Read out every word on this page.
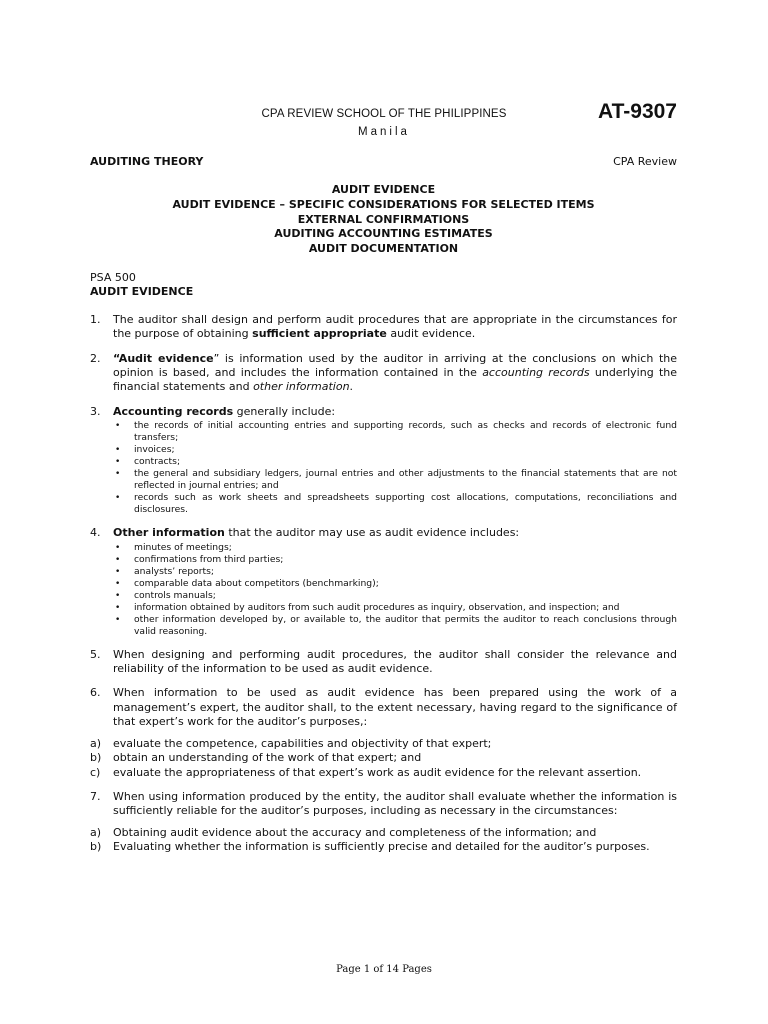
CPA REVIEW SCHOOL OF THE PHILIPPINES
Manila
AT-9307
AUDITING THEORY	CPA Review
AUDIT EVIDENCE
AUDIT EVIDENCE – SPECIFIC CONSIDERATIONS FOR SELECTED ITEMS
EXTERNAL CONFIRMATIONS
AUDITING ACCOUNTING ESTIMATES
AUDIT DOCUMENTATION

PSA 500

AUDIT EVIDENCE

1.	The auditor shall design and perform audit procedures that are appropriate in the circumstances for the purpose of obtaining sufficient appropriate audit evidence.
2.	“Audit evidence” is information used by the auditor in arriving at the conclusions on which the opinion is based, and includes the information contained in the accounting records underlying the financial statements and other information.
3.	Accounting records generally include:

• the records of initial accounting entries and supporting records, such as checks and records of electronic fund transfers;
• invoices;
• contracts;
• the general and subsidiary ledgers, journal entries and other adjustments to the financial statements that are not reflected in journal entries; and
• records such as work sheets and spreadsheets supporting cost allocations, computations, reconciliations and disclosures.
4.	Other information that the auditor may use as audit evidence includes:

• minutes of meetings;
• confirmations from third parties;
• analysts’ reports;
• comparable data about competitors (benchmarking);
• controls manuals;
• information obtained by auditors from such audit procedures as inquiry, observation, and inspection; and
• other information developed by, or available to, the auditor that permits the auditor to reach conclusions through valid reasoning.
5.	When designing and performing audit procedures, the auditor shall consider the relevance and reliability of the information to be used as audit evidence.
6.	When information to be used as audit evidence has been prepared using the work of a management’s expert, the auditor shall, to the extent necessary, having regard to the significance of that expert’s work for the auditor’s purposes,:

a)	evaluate the competence, capabilities and objectivity of that expert;
b)	obtain an understanding of the work of that expert; and
c)	evaluate the appropriateness of that expert’s work as audit evidence for the relevant assertion.
7.	When using information produced by the entity, the auditor shall evaluate whether the information is sufficiently reliable for the auditor’s purposes, including as necessary in the circumstances:

a)	Obtaining audit evidence about the accuracy and completeness of the information; and
b)	Evaluating whether the information is sufficiently precise and detailed for the auditor’s purposes.
Page 1 of 14 Pages
